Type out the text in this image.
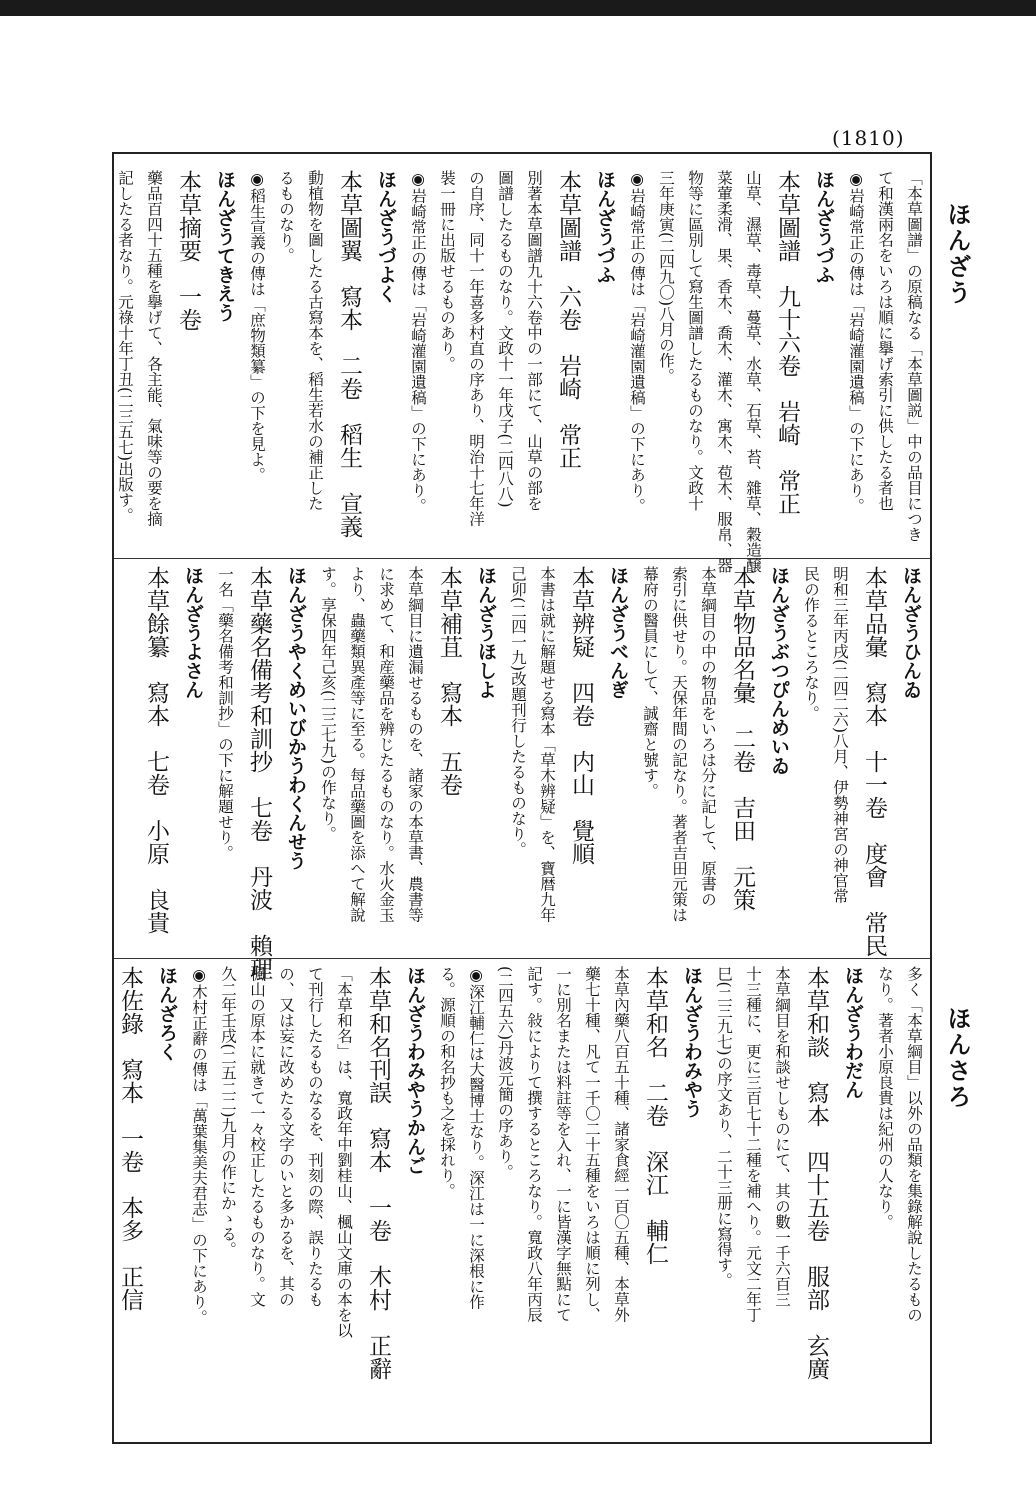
(1810)
ほんざう
ほんさろ
「本草圖譜」の原稿なる「本草圖説」中の品目につき
て和漢兩名をいろは順に擧げ索引に供したる者也
◉岩崎常正の傳は「岩崎灌園遺稿」の下にあり。
ほんざうづふ
本草圖譜　九十六卷　岩崎　常正
山草、濕草、毒草、蔓草、水草、石草、苔、雜草、穀造醸
菜葷柔滑、果、香木、喬木、灌木、寓木、苞木、服帛、器
物等に區別して寫生圖譜したるものなり。文政十
三年庚寅(二四九〇)八月の作。
◉岩崎常正の傳は「岩崎灌園遺稿」の下にあり。
ほんざうづふ
本草圖譜　六卷　岩崎　常正
別著本草圖譜九十六卷中の一部にて、山草の部を
圖譜したるものなり。文政十一年戊子(二四八八)
の自序、同十一年喜多村直の序あり、明治十七年洋
裝一冊に出版せるものあり。
◉岩崎常正の傳は「岩崎灌園遺稿」の下にあり。
ほんざうづよく
本草圖翼　寫本　二卷　稻生　宣義
動植物を圖したる古寫本を、稻生若水の補正した
るものなり。
◉稻生宣義の傳は「庶物類纂」の下を見よ。
ほんざうてきえう
本草摘要　一卷
藥品百四十五種を擧げて、各主能、氣味等の要を摘
記したる者なり。元祿十年丁丑(二三五七)出版す。
ほんざうひんゐ
本草品彙　寫本　十一卷　度會　常民
明和三年丙戌(二四二六)八月、伊勢神宮の神官常
民の作るところなり。
ほんざうぶつぴんめいゐ
本草物品名彙　二卷　吉田　元策
本草綱目の中の物品をいろは分に記して、原書の
索引に供せり。天保年間の記なり。著者吉田元策は
幕府の醫員にして、誠齋と號す。
ほんざうべんぎ
本草辨疑　四卷　内山　覺順
本書は就に解題せる寫本「草木辨疑」を、寶暦九年
己卯(二四一九)改題刊行したるものなり。
ほんざうほしよ
本草補苴　寫本　五卷
本草綱目に遺漏せるものを、諸家の本草書、農書等
に求めて、和産藥品を辨じたるものなり。水火金玉
より、蟲藥類異產等に至る。每品藥圖を添へて解說
す。享保四年己亥(二三七九)の作なり。
ほんざうやくめいびかうわくんせう
本草藥名備考和訓抄　七卷　丹波　賴理
一名「藥名備考和訓抄」の下に解題せり。
ほんざうよさん
本草餘纂　寫本　七卷　小原　良貴
多く「本草綱目」以外の品類を集錄解說したるもの
なり。著者小原良貴は紀州の人なり。
ほんざうわだん
本草和談　寫本　四十五卷　服部　玄廣
本草綱目を和談せしものにて、其の數一千六百三
十三種に、更に三百七十二種を補へり。元文二年丁
巳(二三九七)の序文あり、二十三册に寫得す。
ほんざうわみやう
本草和名　二卷　深江　輔仁
本草內藥八百五十種、諸家食經一百〇五種、本草外
藥七十種、凡て一千〇二十五種をいろは順に列し、
一に別名または料註等を入れ、一に皆漢字無點にて
記す。敍によりて撰するところなり。寬政八年丙辰
(二四五六)丹波元簡の序あり。
◉深江輔仁は大醫博士なり。深江は一に深根に作
る。源順の和名抄も之を採れり。
ほんざうわみやうかんご
本草和名刊誤　寫本　一卷　木村　正辭
「本草和名」は、寬政年中劉桂山、楓山文庫の本を以
て刊行したるものなるを、刊刻の際、誤りたるも
の、又は妄に改めたる文字のいと多かるを、其の
楓山の原本に就きて一々校正したるものなり。文
久二年壬戌(二五二二)九月の作にかゝる。
◉木村正辭の傳は「萬葉集美夫君志」の下にあり。
ほんざろく
本佐錄　寫本　一卷　本多　正信
